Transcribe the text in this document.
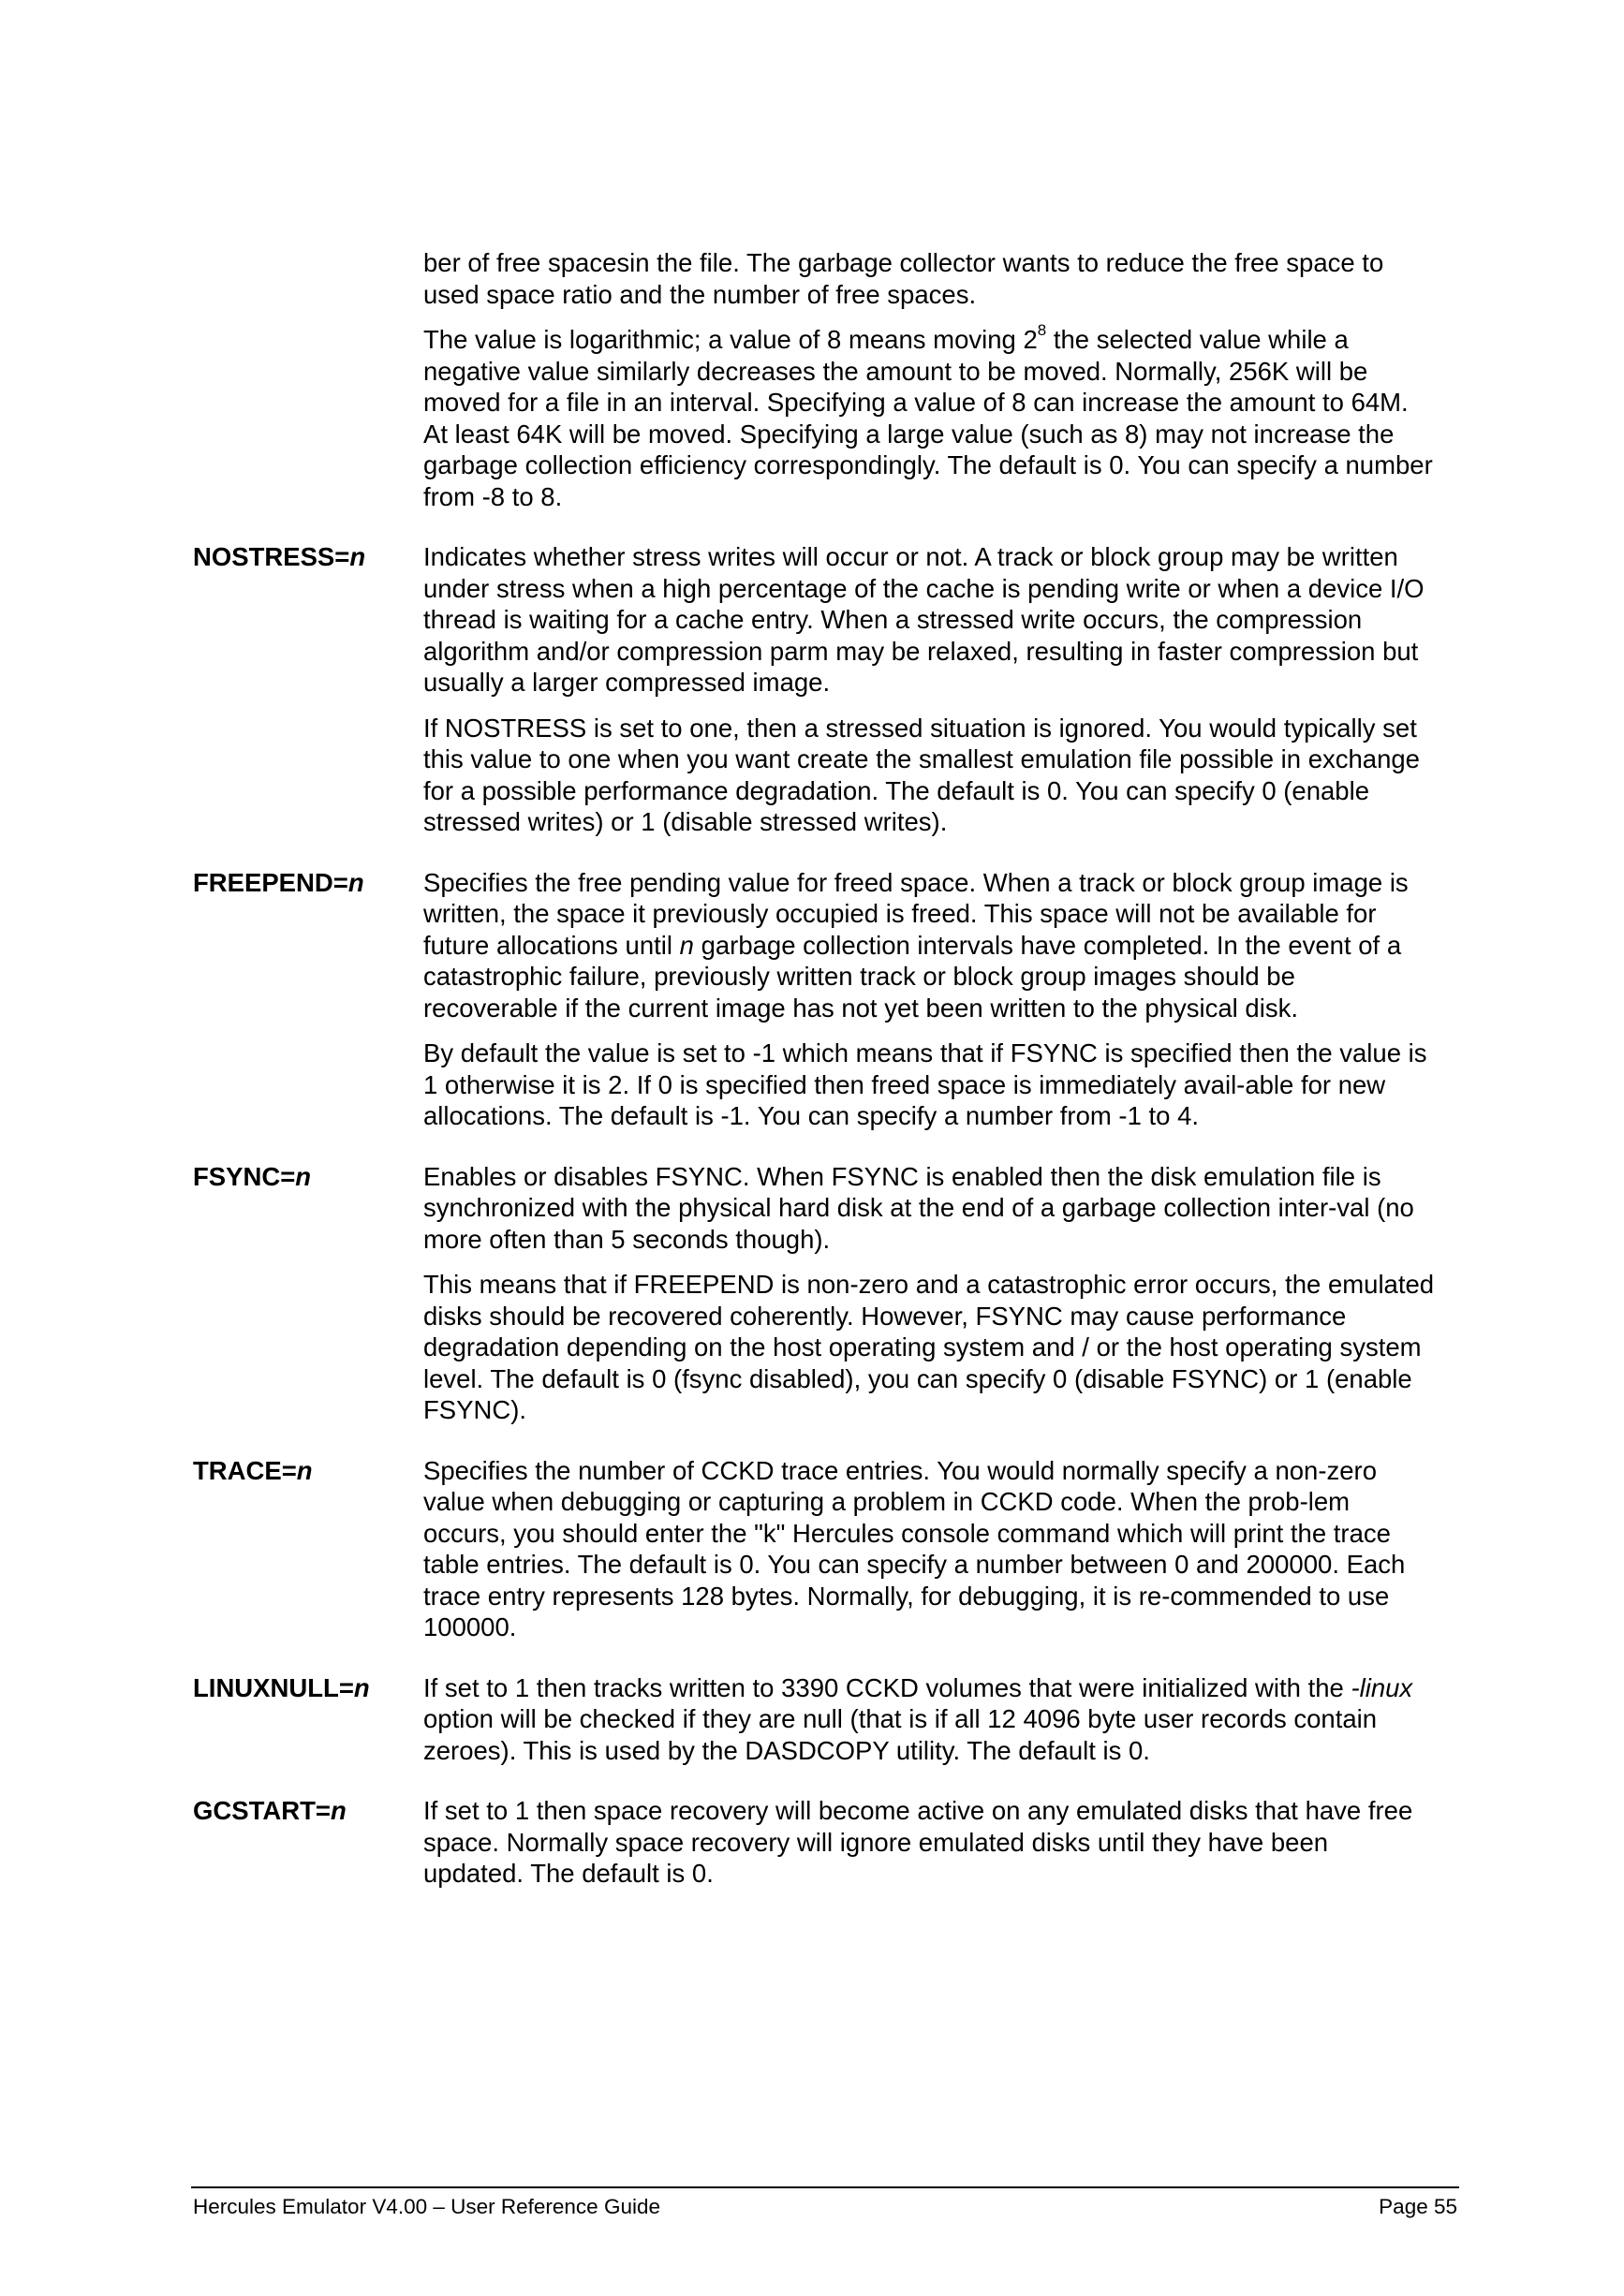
ber of free spacesin the file. The garbage collector wants to reduce the free space to used space ratio and the number of free spaces.

The value is logarithmic; a value of 8 means moving $2^8$ the selected value while a negative value similarly decreases the amount to be moved. Normally, 256K will be moved for a file in an interval. Specifying a value of 8 can increase the amount to 64M. At least 64K will be moved. Specifying a large value (such as 8) may not increase the garbage collection efficiency correspondingly. The default is 0. You can specify a number from -8 to 8.

NOSTRESS=n Indicates whether stress writes will occur or not. A track or block group may be written under stress when a high percentage of the cache is pending write or when a device I/O thread is waiting for a cache entry. When a stressed write occurs, the compression algorithm and/or compression parm may be relaxed, resulting in faster compression but usually a larger compressed image.

If NOSTRESS is set to one, then a stressed situation is ignored. You would typically set this value to one when you want create the smallest emulation file possible in exchange for a possible performance degradation. The default is 0. You can specify 0 (enable stressed writes) or 1 (disable stressed writes).

FREEPEND=n Specifies the free pending value for freed space. When a track or block group image is written, the space it previously occupied is freed. This space will not be available for future allocations until n garbage collection intervals have completed. In the event of a catastrophic failure, previously written track or block group images should be recoverable if the current image has not yet been written to the physical disk.

By default the value is set to -1 which means that if FSYNC is specified then the value is 1 otherwise it is 2. If 0 is specified then freed space is immediately avail-able for new allocations. The default is -1. You can specify a number from -1 to 4.

FSYNC=n	Enables or disables FSYNC. When FSYNC is enabled then the disk emulation file is synchronized with the physical hard disk at the end of a garbage collection inter-val (no more often than 5 seconds though).

This means that if FREEPEND is non-zero and a catastrophic error occurs, the emulated disks should be recovered coherently. However, FSYNC may cause performance degradation depending on the host operating system and / or the host operating system level. The default is 0 (fsync disabled), you can specify 0 (disable FSYNC) or 1 (enable FSYNC).

TRACE=n	Specifies the number of CCKD trace entries. You would normally specify a non-zero value when debugging or capturing a problem in CCKD code. When the prob-lem occurs, you should enter the "k" Hercules console command which will print the trace table entries. The default is 0. You can specify a number between 0 and 200000. Each trace entry represents 128 bytes. Normally, for debugging, it is re-commended to use 100000.

LINUXNULL=n If set to 1 then tracks written to 3390 CCKD volumes that were initialized with the -linux option will be checked if they are null (that is if all 12 4096 byte user records contain zeroes). This is used by the DASDCOPY utility. The default is 0.

GCSTART=n	If set to 1 then space recovery will become active on any emulated disks that have free space. Normally space recovery will ignore emulated disks until they have been updated. The default is 0.

Hercules Emulator V4.00 – User Reference Guide	Page 55
